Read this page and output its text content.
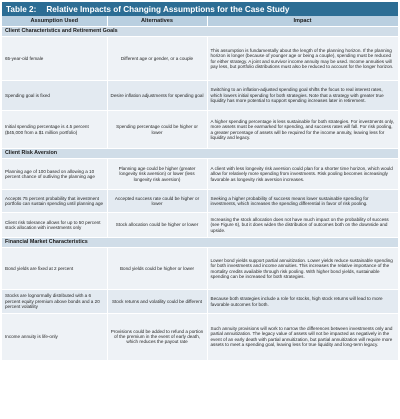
Table 2: Relative Impacts of Changing Assumptions for the Case Study
Assumption Used	Alternatives	Impact
Client Characteristics and Retirement Goals		
65-year-old female	Different age or gender, or a couple	This assumption is fundamentally about the length of the planning horizon. If the planning horizon is longer (because of younger age or being a couple), spending must be reduced for either strategy. A joint and survivor income annuity may be used. Income annuities will pay less, but portfolio distributions must also be reduced to account for the longer horizon.
Spending goal is fixed	Desire inflation adjustments for spending goal	Switching to an inflation-adjusted spending goal shifts the focus to real interest rates, which lowers initial spending for both strategies. Note that a strategy with greater true liquidity has more potential to support spending increases later in retirement.
Initial spending percentage is 4.5 percent ($45,000 from a $1 million portfolio)	Spending percentage could be higher or lower	A higher spending percentage is less sustainable for both strategies. For investments only, more assets must be earmarked for spending, and success rates will fall. For risk pooling, a greater percentage of assets will be required for the income annuity, leaving less for liquidity and legacy.
Client Risk Aversion		
Planning age of 100 based on allowing a 10 percent chance of outliving the planning age	Planning age could be higher (greater longevity risk aversion) or lower (less longevity risk aversion)	A client with less longevity risk aversion could plan for a shorter time horizon, which would allow for relatively more spending from investments. Risk pooling becomes increasingly favorable as longevity risk aversion increases.
Accepts 75 percent probability that investment portfolio can sustain spending until planning age	Accepted success rate could be higher or lower	Seeking a higher probability of success means lower sustainable spending for investments, which increases the spending differential in favor of risk pooling.
Client risk tolerance allows for up to 50 percent stock allocation with investments only	Stock allocation could be higher or lower	Increasing the stock allocation does not have much impact on the probability of success (see Figure 6), but it does widen the distribution of outcomes both on the downside and upside.
Financial Market Characteristics		
Bond yields are fixed at 2 percent	Bond yields could be higher or lower	Lower bond yields support partial annuitization. Lower yields reduce sustainable spending for both investments and income annuities. This increases the relative importance of the mortality credits available through risk pooling. With higher bond yields, sustainable spending can be increased for both strategies.
Stocks are lognormally distributed with a 6 percent equity premium above bonds and a 20 percent volatility	Stock returns and volatility could be different	Because both strategies include a role for stocks, high stock returns will lead to more favorable outcomes for both.
Income annuity is life-only	Provisions could be added to refund a portion of the premium in the event of early death, which reduces the payout rate	Such annuity provisions will work to narrow the differences between investments only and partial annuitization. The legacy value of assets will not be impacted as negatively in the event of an early death with partial annuitization, but partial annuitization will require more assets to meet a spending goal, leaving less for true liquidity and long-term legacy.
